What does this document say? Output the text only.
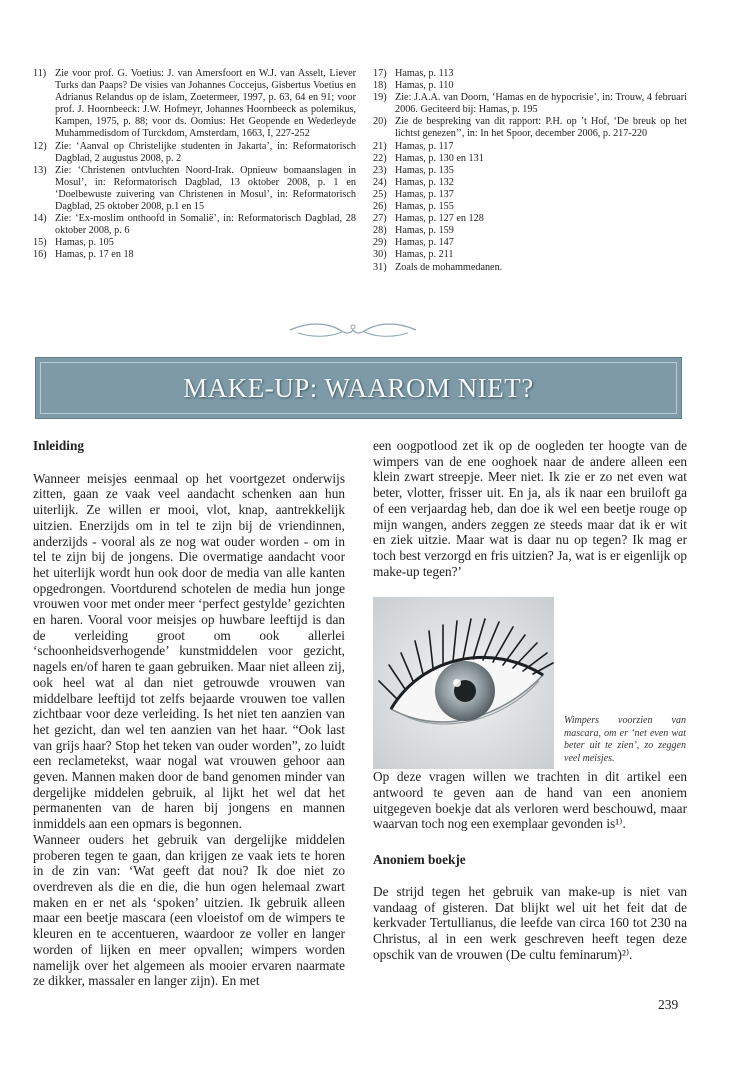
11) Zie voor prof. G. Voetius: J. van Amersfoort en W.J. van Asselt, Liever Turks dan Paaps? De visies van Johannes Coccejus, Gisbertus Voetius en Adrianus Relandus op de islam, Zoetermeer, 1997, p. 63, 64 en 91; voor prof. J. Hoornbeeck: J.W. Hofmeyr, Johannes Hoornbeeck as polemikus, Kampen, 1975, p. 88; voor ds. Oomius: Het Geopende en Wederleyde Muhammedisdom of Turckdom, Amsterdam, 1663, I, 227-252
12) Zie: ‘Aanval op Christelijke studenten in Jakarta’, in: Reformatorisch Dagblad, 2 augustus 2008, p. 2
13) Zie: ‘Christenen ontvluchten Noord-Irak. Opnieuw bomaanslagen in Mosul’, in: Reformatorisch Dagblad, 13 oktober 2008, p. 1 en ‘Doelbewuste zuivering van Christenen in Mosul’, in: Reformatorisch Dagblad, 25 oktober 2008, p.1 en 15
14) Zie: ‘Ex-moslim onthoofd in Somalië’, in: Reformatorisch Dagblad, 28 oktober 2008, p. 6
15) Hamas, p. 105
16) Hamas, p. 17 en 18
17) Hamas, p. 113
18) Hamas, p. 110
19) Zie: J.A.A. van Doorn, ‘Hamas en de hypocrisie’, in: Trouw, 4 februari 2006. Geciteerd bij: Hamas, p. 195
20) Zie de bespreking van dit rapport: P.H. op ’t Hof, ‘De breuk op het lichtst genezen’’, in: In het Spoor, december 2006, p. 217-220
21) Hamas, p. 117
22) Hamas, p. 130 en 131
23) Hamas, p. 135
24) Hamas, p. 132
25) Hamas, p. 137
26) Hamas, p. 155
27) Hamas, p. 127 en 128
28) Hamas, p. 159
29) Hamas, p. 147
30) Hamas, p. 211
31) Zoals de mohammedanen.
MAKE-UP: WAAROM NIET?
Inleiding

Wanneer meisjes eenmaal op het voortgezet onderwijs zitten, gaan ze vaak veel aandacht schenken aan hun uiterlijk. Ze willen er mooi, vlot, knap, aantrekkelijk uitzien. Enerzijds om in tel te zijn bij de vriendinnen, anderzijds - vooral als ze nog wat ouder worden - om in tel te zijn bij de jongens. Die overmatige aandacht voor het uiterlijk wordt hun ook door de media van alle kanten opgedrongen. Voortdurend schotelen de media hun jonge vrouwen voor met onder meer ‘perfect gestylde’ gezichten en haren. Vooral voor meisjes op huwbare leeftijd is dan de verleiding groot om ook allerlei ‘schoonheidsverhogende’ kunstmiddelen voor gezicht, nagels en/of haren te gaan gebruiken. Maar niet alleen zij, ook heel wat al dan niet getrouwde vrouwen van middelbare leeftijd tot zelfs bejaarde vrouwen toe vallen zichtbaar voor deze verleiding. Is het niet ten aanzien van het gezicht, dan wel ten aanzien van het haar. “Ook last van grijs haar? Stop het teken van ouder worden”, zo luidt een reclametekst, waar nogal wat vrouwen gehoor aan geven. Mannen maken door de band genomen minder van dergelijke middelen gebruik, al lijkt het wel dat het permanenten van de haren bij jongens en mannen inmiddels aan een opmars is begonnen.

Wanneer ouders het gebruik van dergelijke middelen proberen tegen te gaan, dan krijgen ze vaak iets te horen in de zin van: ‘Wat geeft dat nou? Ik doe niet zo overdreven als die en die, die hun ogen helemaal zwart maken en er net als ‘spoken’ uitzien. Ik gebruik alleen maar een beetje mascara (een vloeistof om de wimpers te kleuren en te accentueren, waardoor ze voller en langer worden of lijken en meer opvallen; wimpers worden namelijk over het algemeen als mooier ervaren naarmate ze dikker, massaler en langer zijn). En met

een oogpotlood zet ik op de oogleden ter hoogte van de wimpers van de ene ooghoek naar de andere alleen een klein zwart streepje. Meer niet. Ik zie er zo net even wat beter, vlotter, frisser uit. En ja, als ik naar een bruiloft ga of een verjaardag heb, dan doe ik wel een beetje rouge op mijn wangen, anders zeggen ze steeds maar dat ik er wit en ziek uitzie. Maar wat is daar nu op tegen? Ik mag er toch best verzorgd en fris uitzien? Ja, wat is er eigenlijk op make-up tegen?’

Wimpers voorzien van mascara, om er ‘net even wat beter uit te zien’, zo zeggen veel meisjes.

Op deze vragen willen we trachten in dit artikel een antwoord te geven aan de hand van een anoniem uitgegeven boekje dat als verloren werd beschouwd, maar waarvan toch nog een exemplaar gevonden is¹⁾.

Anoniem boekje

De strijd tegen het gebruik van make-up is niet van vandaag of gisteren. Dat blijkt wel uit het feit dat de kerkvader Tertullianus, die leefde van circa 160 tot 230 na Christus, al in een werk geschreven heeft tegen deze opschik van de vrouwen (De cultu feminarum)²⁾.

239
